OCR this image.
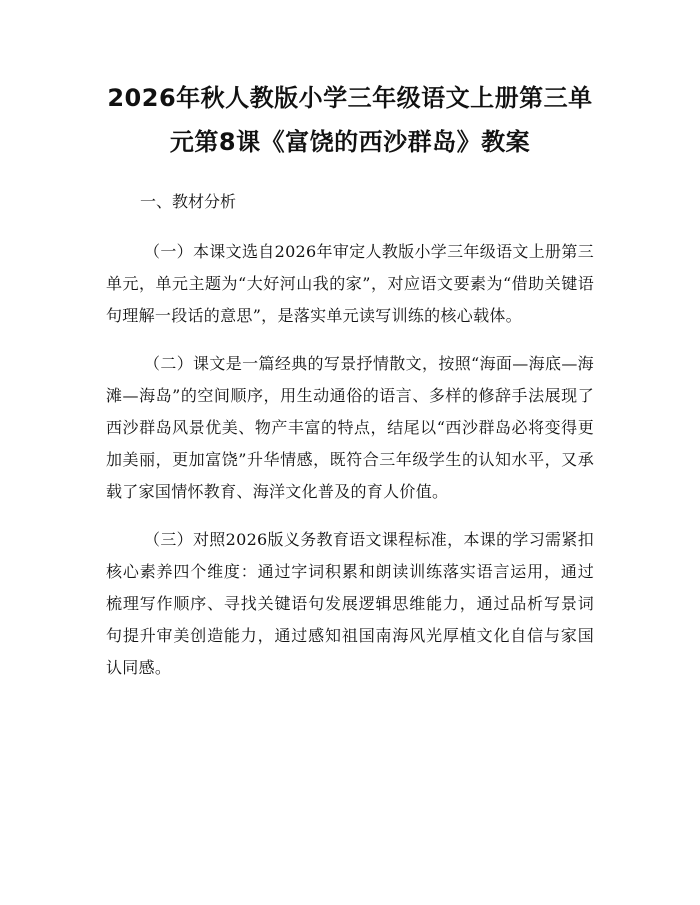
2026年秋人教版小学三年级语文上册第三单
元第8课《富饶的西沙群岛》教案

一、教材分析

（一）本课文选自2026年审定人教版小学三年级语文上册第三单元，单元主题为“大好河山我的家”，对应语文要素为“借助关键语句理解一段话的意思”，是落实单元读写训练的核心载体。

（二）课文是一篇经典的写景抒情散文，按照“海面—海底—海滩—海岛”的空间顺序，用生动通俗的语言、多样的修辞手法展现了西沙群岛风景优美、物产丰富的特点，结尾以“西沙群岛必将变得更加美丽，更加富饶”升华情感，既符合三年级学生的认知水平，又承载了家国情怀教育、海洋文化普及的育人价值。

（三）对照2026版义务教育语文课程标准，本课的学习需紧扣核心素养四个维度：通过字词积累和朗读训练落实语言运用，通过梳理写作顺序、寻找关键语句发展逻辑思维能力，通过品析写景词句提升审美创造能力，通过感知祖国南海风光厚植文化自信与家国认同感。
